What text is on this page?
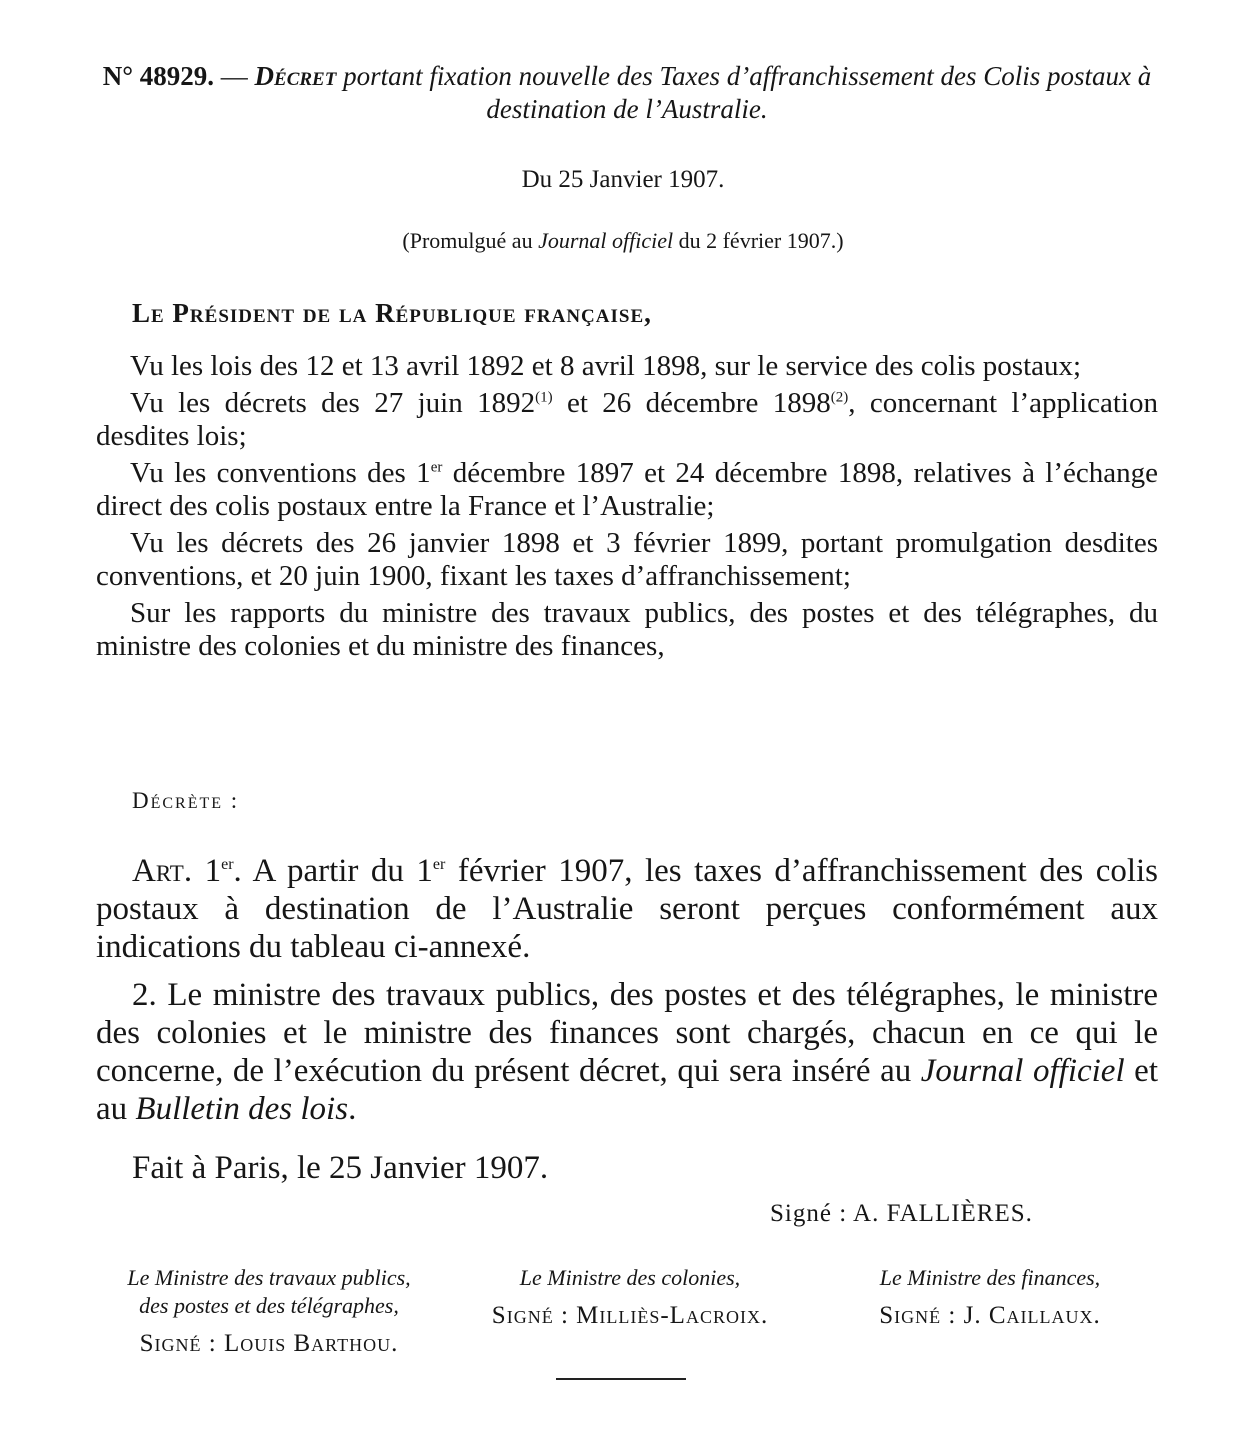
N° 48929. — Décret portant fixation nouvelle des Taxes d’affranchissement des Colis postaux à destination de l’Australie.
Du 25 Janvier 1907.
(Promulgué au Journal officiel du 2 février 1907.)
Le Président de la République française,

Vu les lois des 12 et 13 avril 1892 et 8 avril 1898, sur le service des colis postaux;

Vu les décrets des 27 juin 1892$^{(1)}$ et 26 décembre 1898$^{(2)}$, concernant l’application desdites lois;

Vu les conventions des 1er décembre 1897 et 24 décembre 1898, relatives à l’échange direct des colis postaux entre la France et l’Australie;

Vu les décrets des 26 janvier 1898 et 3 février 1899, portant promulgation desdites conventions, et 20 juin 1900, fixant les taxes d’affranchissement;

Sur les rapports du ministre des travaux publics, des postes et des télégraphes, du ministre des colonies et du ministre des finances,

Décrète :

Art. 1er. A partir du 1er février 1907, les taxes d’affranchissement des colis postaux à destination de l’Australie seront perçues conformément aux indications du tableau ci-annexé.

2. Le ministre des travaux publics, des postes et des télégraphes, le ministre des colonies et le ministre des finances sont chargés, chacun en ce qui le concerne, de l’exécution du présent décret, qui sera inséré au Journal officiel et au Bulletin des lois.

Fait à Paris, le 25 Janvier 1907.
Signé : A. FALLIÈRES.
Le Ministre des travaux publics,
des postes et des télégraphes,
Signé : Louis Barthou.
Le Ministre des colonies,
Signé : Milliès-Lacroix.
Le Ministre des finances,
Signé : J. Caillaux.
